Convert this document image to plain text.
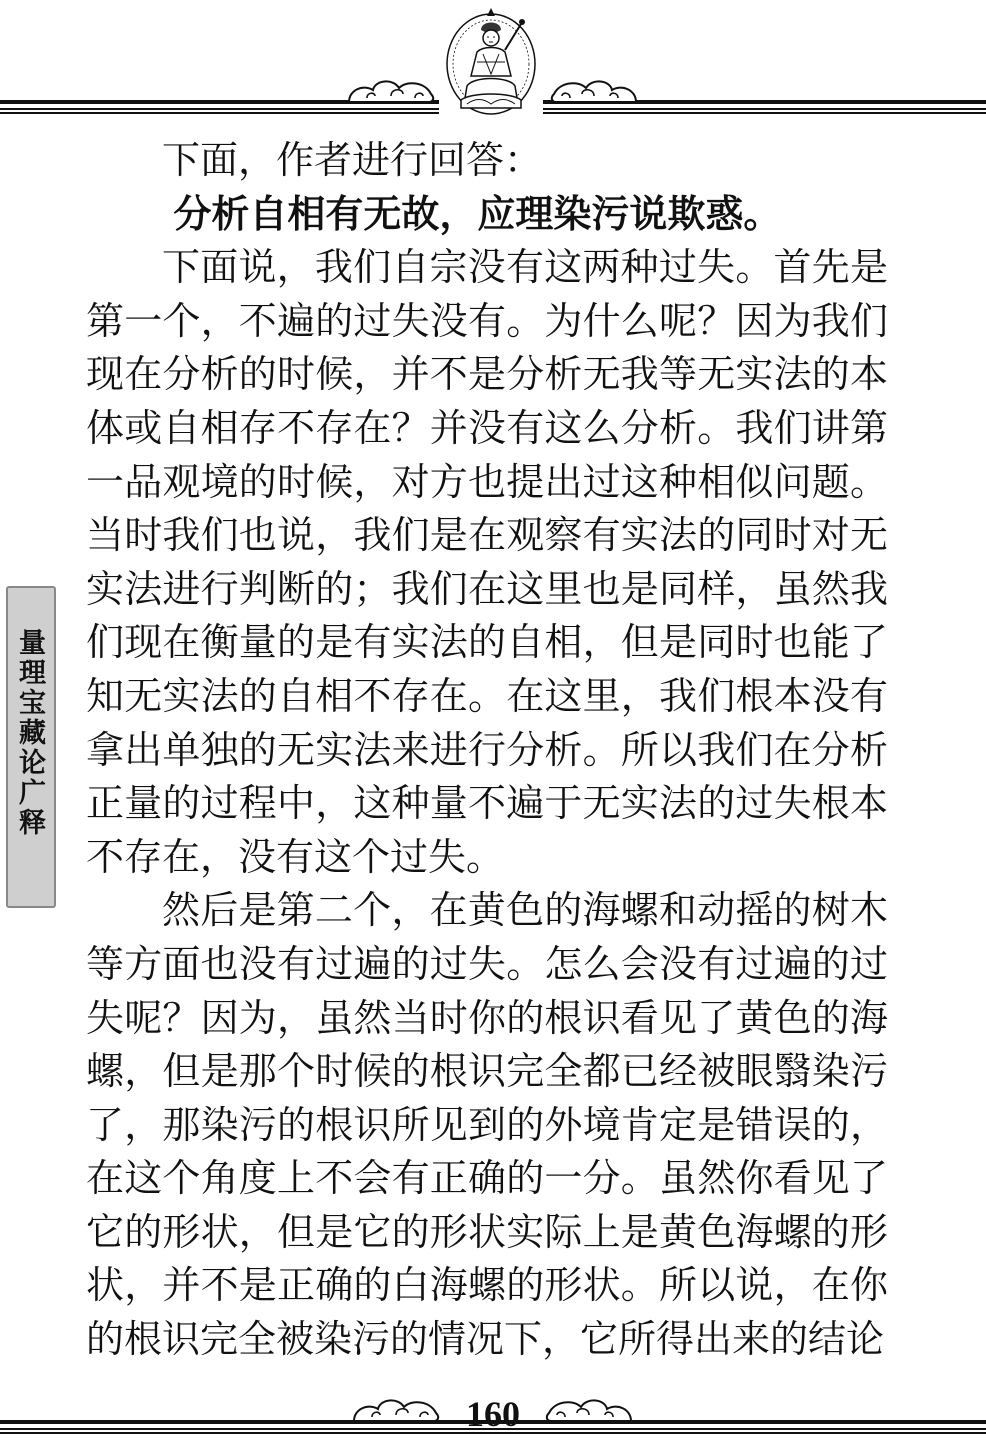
量理宝藏论广释

下面，作者进行回答：

分析自相有无故，应理染污说欺惑。

下面说，我们自宗没有这两种过失。首先是第一个，不遍的过失没有。为什么呢？因为我们现在分析的时候，并不是分析无我等无实法的本体或自相存不存在？并没有这么分析。我们讲第一品观境的时候，对方也提出过这种相似问题。当时我们也说，我们是在观察有实法的同时对无实法进行判断的；我们在这里也是同样，虽然我们现在衡量的是有实法的自相，但是同时也能了知无实法的自相不存在。在这里，我们根本没有拿出单独的无实法来进行分析。所以我们在分析正量的过程中，这种量不遍于无实法的过失根本不存在，没有这个过失。

然后是第二个，在黄色的海螺和动摇的树木等方面也没有过遍的过失。怎么会没有过遍的过失呢？因为，虽然当时你的根识看见了黄色的海螺，但是那个时候的根识完全都已经被眼翳染污了，那染污的根识所见到的外境肯定是错误的，在这个角度上不会有正确的一分。虽然你看见了它的形状，但是它的形状实际上是黄色海螺的形状，并不是正确的白海螺的形状。所以说，在你的根识完全被染污的情况下，它所得出来的结论

160
